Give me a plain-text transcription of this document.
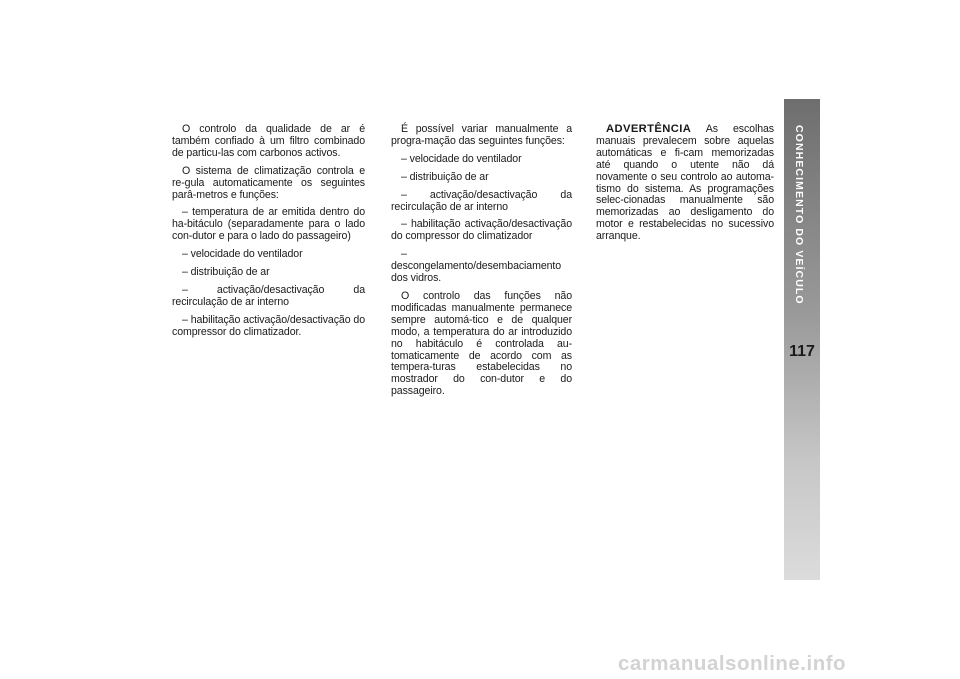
O controlo da qualidade de ar é também confiado à um filtro combinado de particu-las com carbonos activos.

O sistema de climatização controla e re-gula automaticamente os seguintes parâ-metros e funções:

– temperatura de ar emitida dentro do ha-bitáculo (separadamente para o lado con-dutor e para o lado do passageiro)

– velocidade do ventilador

– distribuição de ar

– activação/desactivação da recirculação de ar interno

– habilitação activação/desactivação do compressor do climatizador.

É possível variar manualmente a progra-mação das seguintes funções:

– velocidade do ventilador

– distribuição de ar

– activação/desactivação da recirculação de ar interno

– habilitação activação/desactivação do compressor do climatizador

– descongelamento/desembaciamento dos vidros.

O controlo das funções não modificadas manualmente permanece sempre automá-tico e de qualquer modo, a temperatura do ar introduzido no habitáculo é controlada au-tomaticamente de acordo com as tempera-turas estabelecidas no mostrador do con-dutor e do passageiro.

ADVERTÊNCIA As escolhas manuais prevalecem sobre aquelas automáticas e fi-cam memorizadas até quando o utente não dá novamente o seu controlo ao automa-tismo do sistema. As programações selec-cionadas manualmente são memorizadas ao desligamento do motor e restabelecidas no sucessivo arranque.	CONHECIMENTO DO VEÍCULO
117
carmanualsonline.info
